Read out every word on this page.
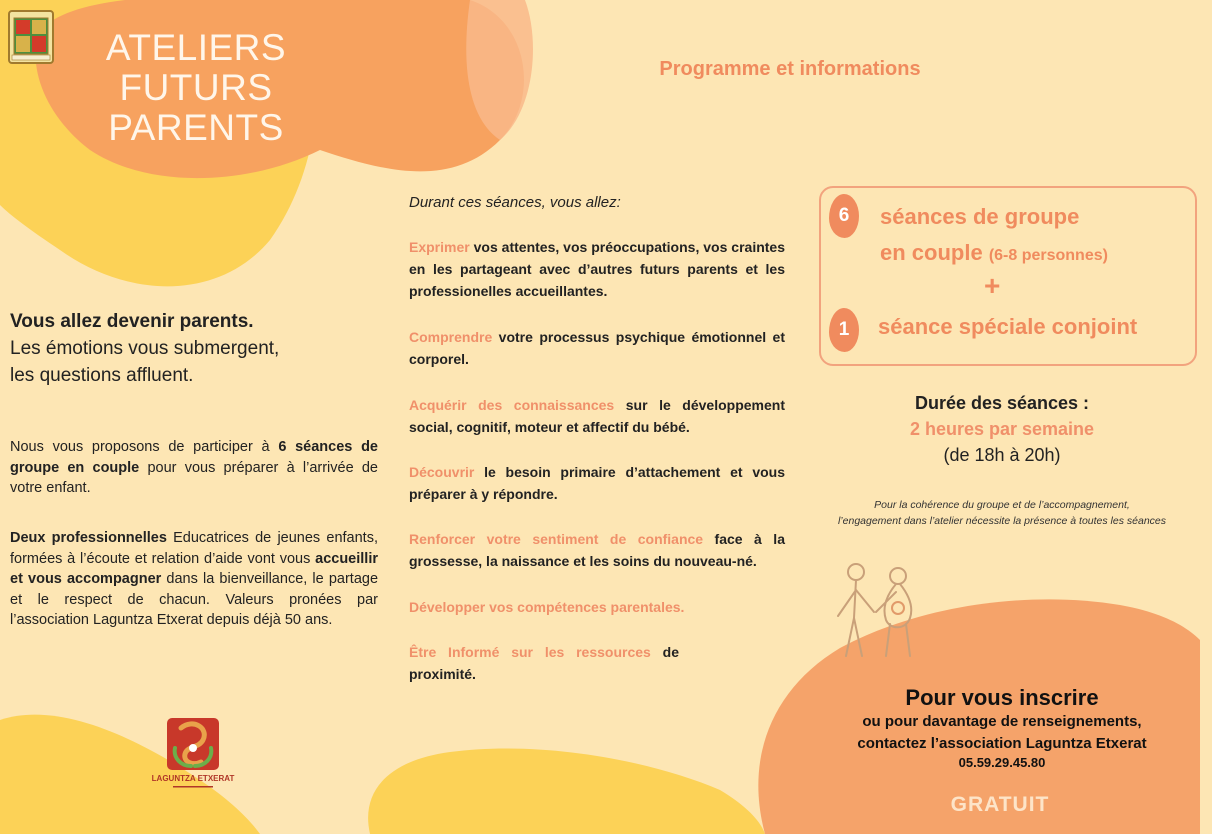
ATELIERS
FUTURS
PARENTS
Programme et informations
Vous allez devenir parents.
Les émotions vous submergent,
les questions affluent.
Nous vous proposons de participer à 6 séances de groupe en couple pour vous préparer à l’arrivée de votre enfant.
Deux professionnelles Educatrices de jeunes enfants, formées à l’écoute et relation d’aide vont vous accueillir et vous accompagner dans la bienveillance, le partage et le respect de chacun. Valeurs pronées par l’association Laguntza Etxerat depuis déjà 50 ans.
LAGUNTZA ETXERAT
Durant ces séances, vous allez:
Exprimer vos attentes, vos préoccupations, vos craintes en les partageant avec d’autres futurs parents et les professionelles accueillantes.
Comprendre votre processus psychique émotionnel et corporel.
Acquérir des connaissances sur le développement social, cognitif, moteur et affectif du bébé.
Découvrir le besoin primaire d’attachement et vous préparer à y répondre.
Renforcer votre sentiment de confiance face à la grossesse, la naissance et les soins du nouveau-né.
Développer vos compétences parentales.
Être Informé sur les ressources de proximité.
6	séances de groupe
en couple (6-8 personnes)
+
1	séance spéciale conjoint
Durée des séances :
2 heures par semaine
(de 18h à 20h)
Pour la cohérence du groupe et de l’accompagnement,
l’engagement dans l’atelier nécessite la présence à toutes les séances
Pour vous inscrire
ou pour davantage de renseignements,
contactez l’association Laguntza Etxerat
05.59.29.45.80
GRATUIT
